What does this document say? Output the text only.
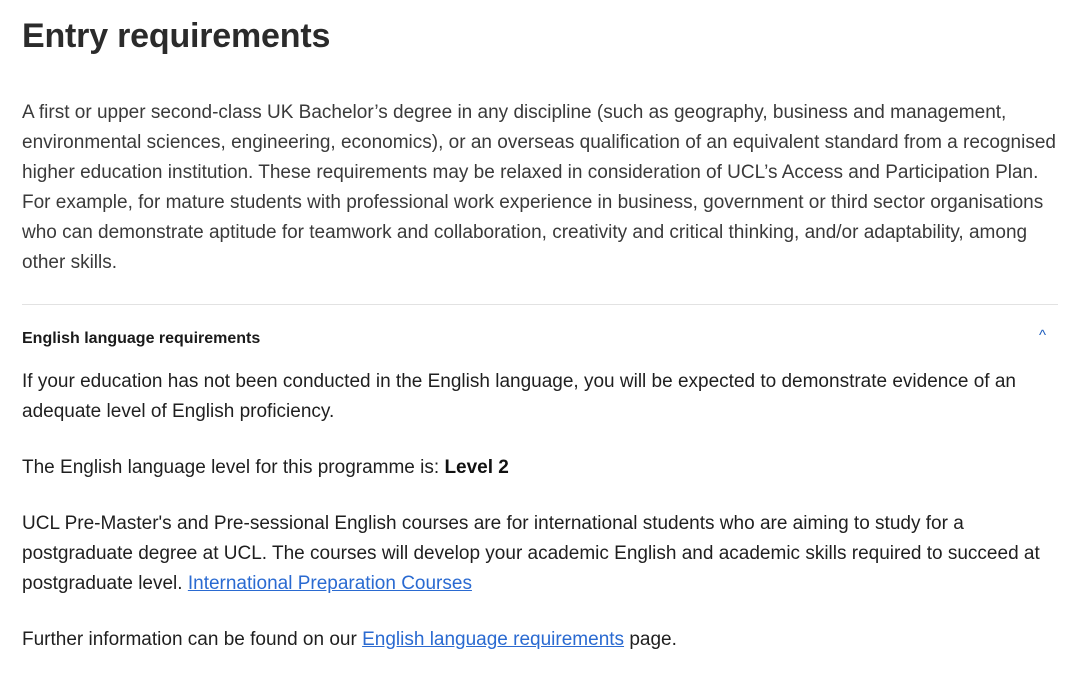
Entry requirements

A first or upper second-class UK Bachelor’s degree in any discipline (such as geography, business and management, environmental sciences, engineering, economics), or an overseas qualification of an equivalent standard from a recognised higher education institution. These requirements may be relaxed in consideration of UCL’s Access and Participation Plan. For example, for mature students with professional work experience in business, government or third sector organisations who can demonstrate aptitude for teamwork and collaboration, creativity and critical thinking, and/or adaptability, among other skills.

English language requirements	^

If your education has not been conducted in the English language, you will be expected to demonstrate evidence of an adequate level of English proficiency.

The English language level for this programme is: Level 2

UCL Pre-Master's and Pre-sessional English courses are for international students who are aiming to study for a postgraduate degree at UCL. The courses will develop your academic English and academic skills required to succeed at postgraduate level. International Preparation Courses

Further information can be found on our English language requirements page.
